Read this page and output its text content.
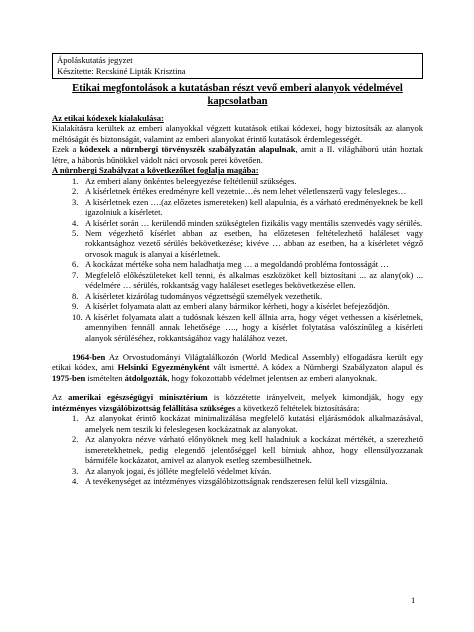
Ápoláskutatás jegyzet
Készítette: Recskiné Lipták Krisztina
Etikai megfontolások a kutatásban részt vevő emberi alanyok védelmével kapcsolatban

Az etikai kódexek kialakulása:

Kialakításra kerültek az emberi alanyokkal végzett kutatások etikai kódexei, hogy biztosítsák az alanyok méltóságát és biztonságát, valamint az emberi alanyokat érintő kutatások érdemlegességét.

Ezek a kódexek a nürnbergi törvényszék szabályzatán alapulnak, amit a II. világháború után hoztak létre, a háborús bűnökkel vádolt náci orvosok perei követően.

A nürnbergi Szabályzat a következőket foglalja magába:

1. Az emberi alany önkéntes beleegyezése feltétlenül szükséges.
2. A kísérletnek értékes eredményre kell vezetnie…és nem lehet véletlenszerű vagy felesleges…
3. A kísérletnek ezen ….(az előzetes ismereteken) kell alapulnia, és a várható eredményeknek be kell igazolniuk a kísérletet.
4. A kísérlet során … kerülendő minden szükségtelen fizikális vagy mentális szenvedés vagy sérülés.
5. Nem végezhető kísérlet abban az esetben, ha előzetesen feltételezhető haláleset vagy rokkantsághoz vezető sérülés bekövetkezése; kivéve … abban az esetben, ha a kísérletet végző orvosok maguk is alanyai a kísérletnek.
6. A kockázat mértéke soha nem haladhatja meg … a megoldandó probléma fontosságát …
7. Megfelelő előkészületeket kell tenni, és alkalmas eszközöket kell biztosítani ... az alany(ok) ... védelmére … sérülés, rokkantság vagy haláleset esetleges bekövetkezése ellen.
8. A kísérletet kizárólag tudományos végzettségű személyek vezethetik.
9. A kísérlet folyamata alatt az emberi alany bármikor kérheti, hogy a kísérlet befejeződjön.
10. A kísérlet folyamata alatt a tudósnak készen kell állnia arra, hogy véget vethessen a kísérletnek, amennyiben fennáll annak lehetősége …., hogy a kísérlet folytatása valószínűleg a kísérleti alanyok sérüléséhez, rokkantságához vagy halálához vezet.

1964-ben Az Orvostudományi Világtalálkozón (World Medical Assembly) elfogadásra került egy etikai kódex, ami Helsinki Egyezményként vált ismertté. A kódex a Nürnbergi Szabályzaton alapul és 1975-ben ismételten átdolgozták, hogy fokozottabb védelmet jelentsen az emberi alanyoknak.

Az amerikai egészségügyi minisztérium is közzétette irányelveit, melyek kimondják, hogy egy intézményes vizsgálóbizottság felállítása szükséges a következő feltételek biztosítására:

1. Az alanyokat érintő kockázat minimalizálása megfelelő kutatási eljárásmódok alkalmazásával, amelyek nem teszik ki feleslegesen kockázatnak az alanyokat.
2. Az alanyokra nézve várható előnyöknek meg kell haladniuk a kockázat mértékét, a szerezhető ismeretekhetnek, pedig elegendő jelentőséggel kell bírniuk ahhoz, hogy ellensúlyozzanak bármiféle kockázatot, amivel az alanyok esetleg szembesülhetnek.
3. Az alanyok jogai, és jólléte megfelelő védelmet kíván.
4. A tevékenységet az intézményes vizsgálóbizottságnak rendszeresen felül kell vizsgálnia.
1
